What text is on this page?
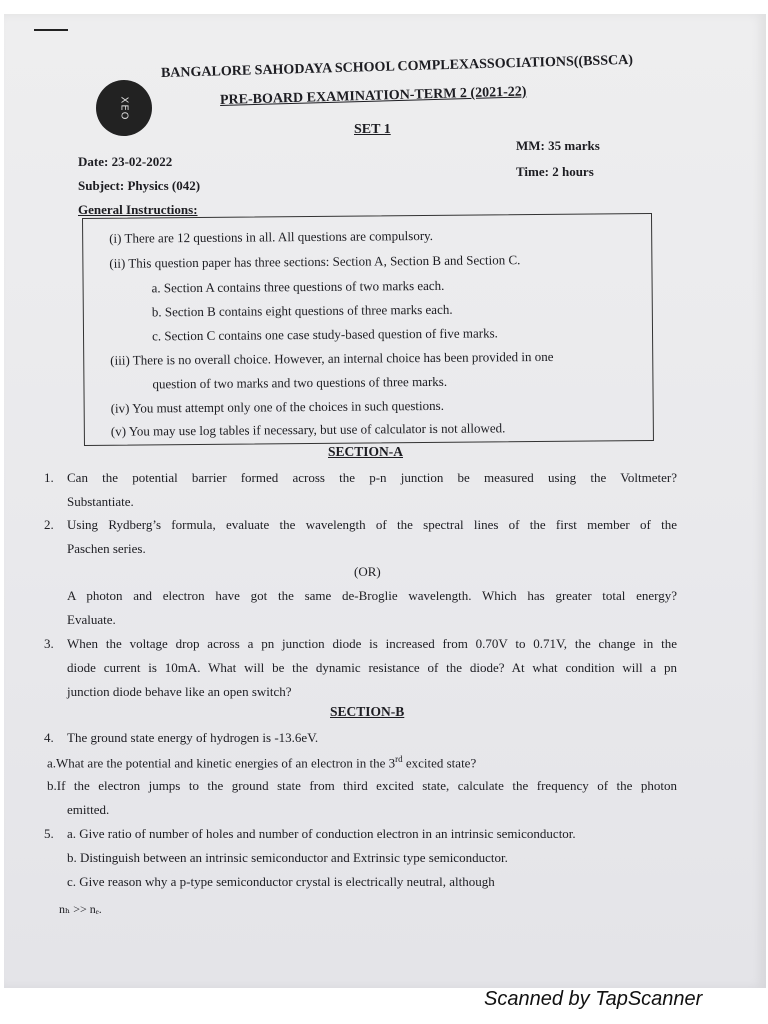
XEO
BANGALORE SAHODAYA SCHOOL COMPLEXASSOCIATIONS((BSSCA)
PRE-BOARD EXAMINATION-TERM 2 (2021-22)
SET 1
Date: 23-02-2022
MM: 35 marks
Subject: Physics (042)
Time: 2 hours
General Instructions:
(i) There are 12 questions in all. All questions are compulsory.
(ii) This question paper has three sections: Section A, Section B and Section C.
a. Section A contains three questions of two marks each.
b. Section B contains eight questions of three marks each.
c. Section C contains one case study-based question of five marks.
(iii) There is no overall choice. However, an internal choice has been provided in one
question of two marks and two questions of three marks.
(iv) You must attempt only one of the choices in such questions.
(v) You may use log tables if necessary, but use of calculator is not allowed.
SECTION-A
1. Can the potential barrier formed across the p-n junction be measured using the Voltmeter?
Substantiate.
2. Using Rydberg’s formula, evaluate the wavelength of the spectral lines of the first member of the
Paschen series.
(OR)
A photon and electron have got the same de-Broglie wavelength. Which has greater total energy?
Evaluate.
3. When the voltage drop across a pn junction diode is increased from 0.70V to 0.71V, the change in the
diode current is 10mA. What will be the dynamic resistance of the diode? At what condition will a pn
junction diode behave like an open switch?
SECTION-B
4. The ground state energy of hydrogen is -13.6eV.
a.What are the potential and kinetic energies of an electron in the 3rd excited state?
b.If the electron jumps to the ground state from third excited state, calculate the frequency of the photon
emitted.
5. a. Give ratio of number of holes and number of conduction electron in an intrinsic semiconductor.
b. Distinguish between an intrinsic semiconductor and Extrinsic type semiconductor.
c. Give reason why a p-type semiconductor crystal is electrically neutral, although
nₕ >> nₑ.
Scanned by TapScanner
